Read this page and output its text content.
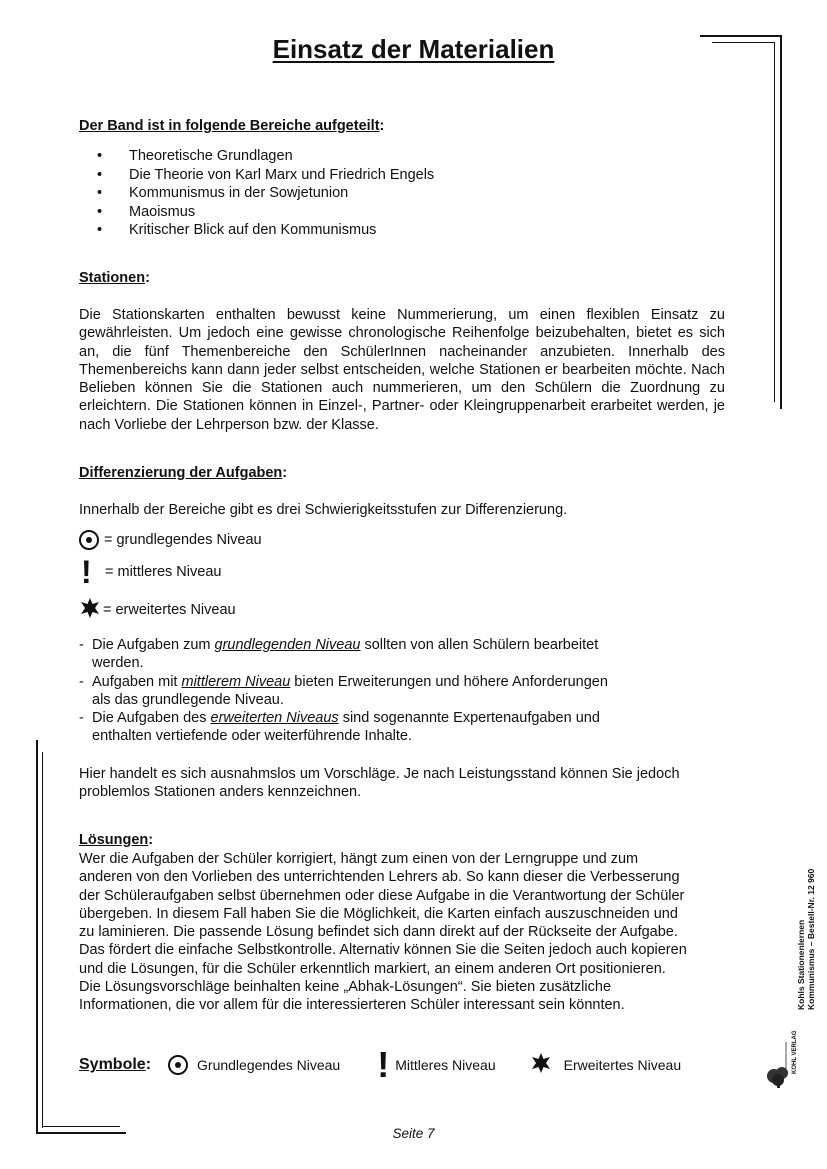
Einsatz der Materialien

Der Band ist in folgende Bereiche aufgeteilt:

• Theoretische Grundlagen
• Die Theorie von Karl Marx und Friedrich Engels
• Kommunismus in der Sowjetunion
• Maoismus
• Kritischer Blick auf den Kommunismus

Stationen:

Die Stationskarten enthalten bewusst keine Nummerierung, um einen flexiblen Einsatz zu gewährleisten. Um jedoch eine gewisse chronologische Reihenfolge beizubehalten, bietet es sich an, die fünf Themenbereiche den SchülerInnen nacheinander anzubieten. Innerhalb des Themenbereichs kann dann jeder selbst entscheiden, welche Stationen er bearbeiten möchte. Nach Belieben können Sie die Stationen auch nummerieren, um den Schülern die Zuordnung zu erleichtern. Die Stationen können in Einzel-, Partner- oder Kleingruppenarbeit erarbeitet werden, je nach Vorliebe der Lehrperson bzw. der Klasse.

Differenzierung der Aufgaben:

Innerhalb der Bereiche gibt es drei Schwierigkeitsstufen zur Differenzierung.

= grundlegendes Niveau
! = mittleres Niveau
= erweitertes Niveau
- Die Aufgaben zum grundlegenden Niveau sollten von allen Schülern bearbeitet
werden.
- Aufgaben mit mittlerem Niveau bieten Erweiterungen und höhere Anforderungen
als das grundlegende Niveau.
- Die Aufgaben des erweiterten Niveaus sind sogenannte Expertenaufgaben und
enthalten vertiefende oder weiterführende Inhalte.

Hier handelt es sich ausnahmslos um Vorschläge. Je nach Leistungsstand können Sie jedoch problemlos Stationen anders kennzeichnen.

Lösungen:

Wer die Aufgaben der Schüler korrigiert, hängt zum einen von der Lerngruppe und zum
anderen von den Vorlieben des unterrichtenden Lehrers ab. So kann dieser die Verbesserung
der Schüleraufgaben selbst übernehmen oder diese Aufgabe in die Verantwortung der Schüler
übergeben. In diesem Fall haben Sie die Möglichkeit, die Karten einfach auszuschneiden und
zu laminieren. Die passende Lösung befindet sich dann direkt auf der Rückseite der Aufgabe.
Das fördert die einfache Selbstkontrolle. Alternativ können Sie die Seiten jedoch auch kopieren
und die Lösungen, für die Schüler erkenntlich markiert, an einem anderen Ort positionieren.
Die Lösungsvorschläge beinhalten keine „Abhak-Lösungen“. Sie bieten zusätzliche
Informationen, die vor allem für die interessierteren Schüler interessant sein könnten.
Symbole :	Grundlegendes Niveau ! Mittleres Niveau	Erweitertes Niveau
Kohls Stationenlernen Kommunismus – Bestell-Nr. 12 960
KOHL VERLAG
Seite 7
